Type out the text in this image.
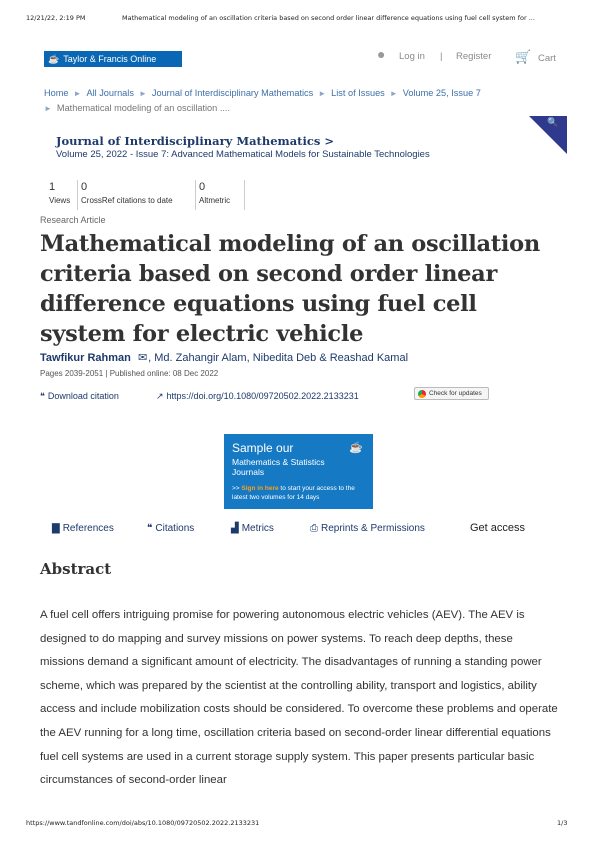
12/21/22, 2:19 PM	Mathematical modeling of an oscillation criteria based on second order linear difference equations using fuel cell system for ...
https://www.tandfonline.com/doi/abs/10.1080/09720502.2022.2133231	1/3
☕ Taylor & Francis Online	● Log in | Register 🛒 Cart
Home ► All Journals ► Journal of Interdisciplinary Mathematics ► List of Issues ► Volume 25, Issue 7
► Mathematical modeling of an oscillation ....
Journal of Interdisciplinary Mathematics >
Volume 25, 2022 - Issue 7: Advanced Mathematical Models for Sustainable Technologies
🔍
1
Views
0
CrossRef citations to date
0
Altmetric
Research Article
Mathematical modeling of an oscillation criteria based on second order linear difference equations using fuel cell system for electric vehicle
Tawfikur Rahman ✉, Md. Zahangir Alam, Nibedita Deb & Reashad Kamal
Pages 2039-2051 | Published online: 08 Dec 2022
❝ Download citation	↗ https://doi.org/10.1080/09720502.2022.2133231	Check for updates
Sample our	☕
Mathematics & Statistics Journals
>> Sign in here to start your access to the latest two volumes for 14 days
▇ References	❝ Citations	▟ Metrics	⎙ Reprints & Permissions	Get access
Abstract
A fuel cell offers intriguing promise for powering autonomous electric vehicles (AEV). The AEV is designed to do mapping and survey missions on power systems. To reach deep depths, these missions demand a significant amount of electricity. The disadvantages of running a standing power scheme, which was prepared by the scientist at the controlling ability, transport and logistics, ability access and include mobilization costs should be considered. To overcome these problems and operate the AEV running for a long time, oscillation criteria based on second-order linear differential equations fuel cell systems are used in a current storage supply system. This paper presents particular basic circumstances of second-order linear
